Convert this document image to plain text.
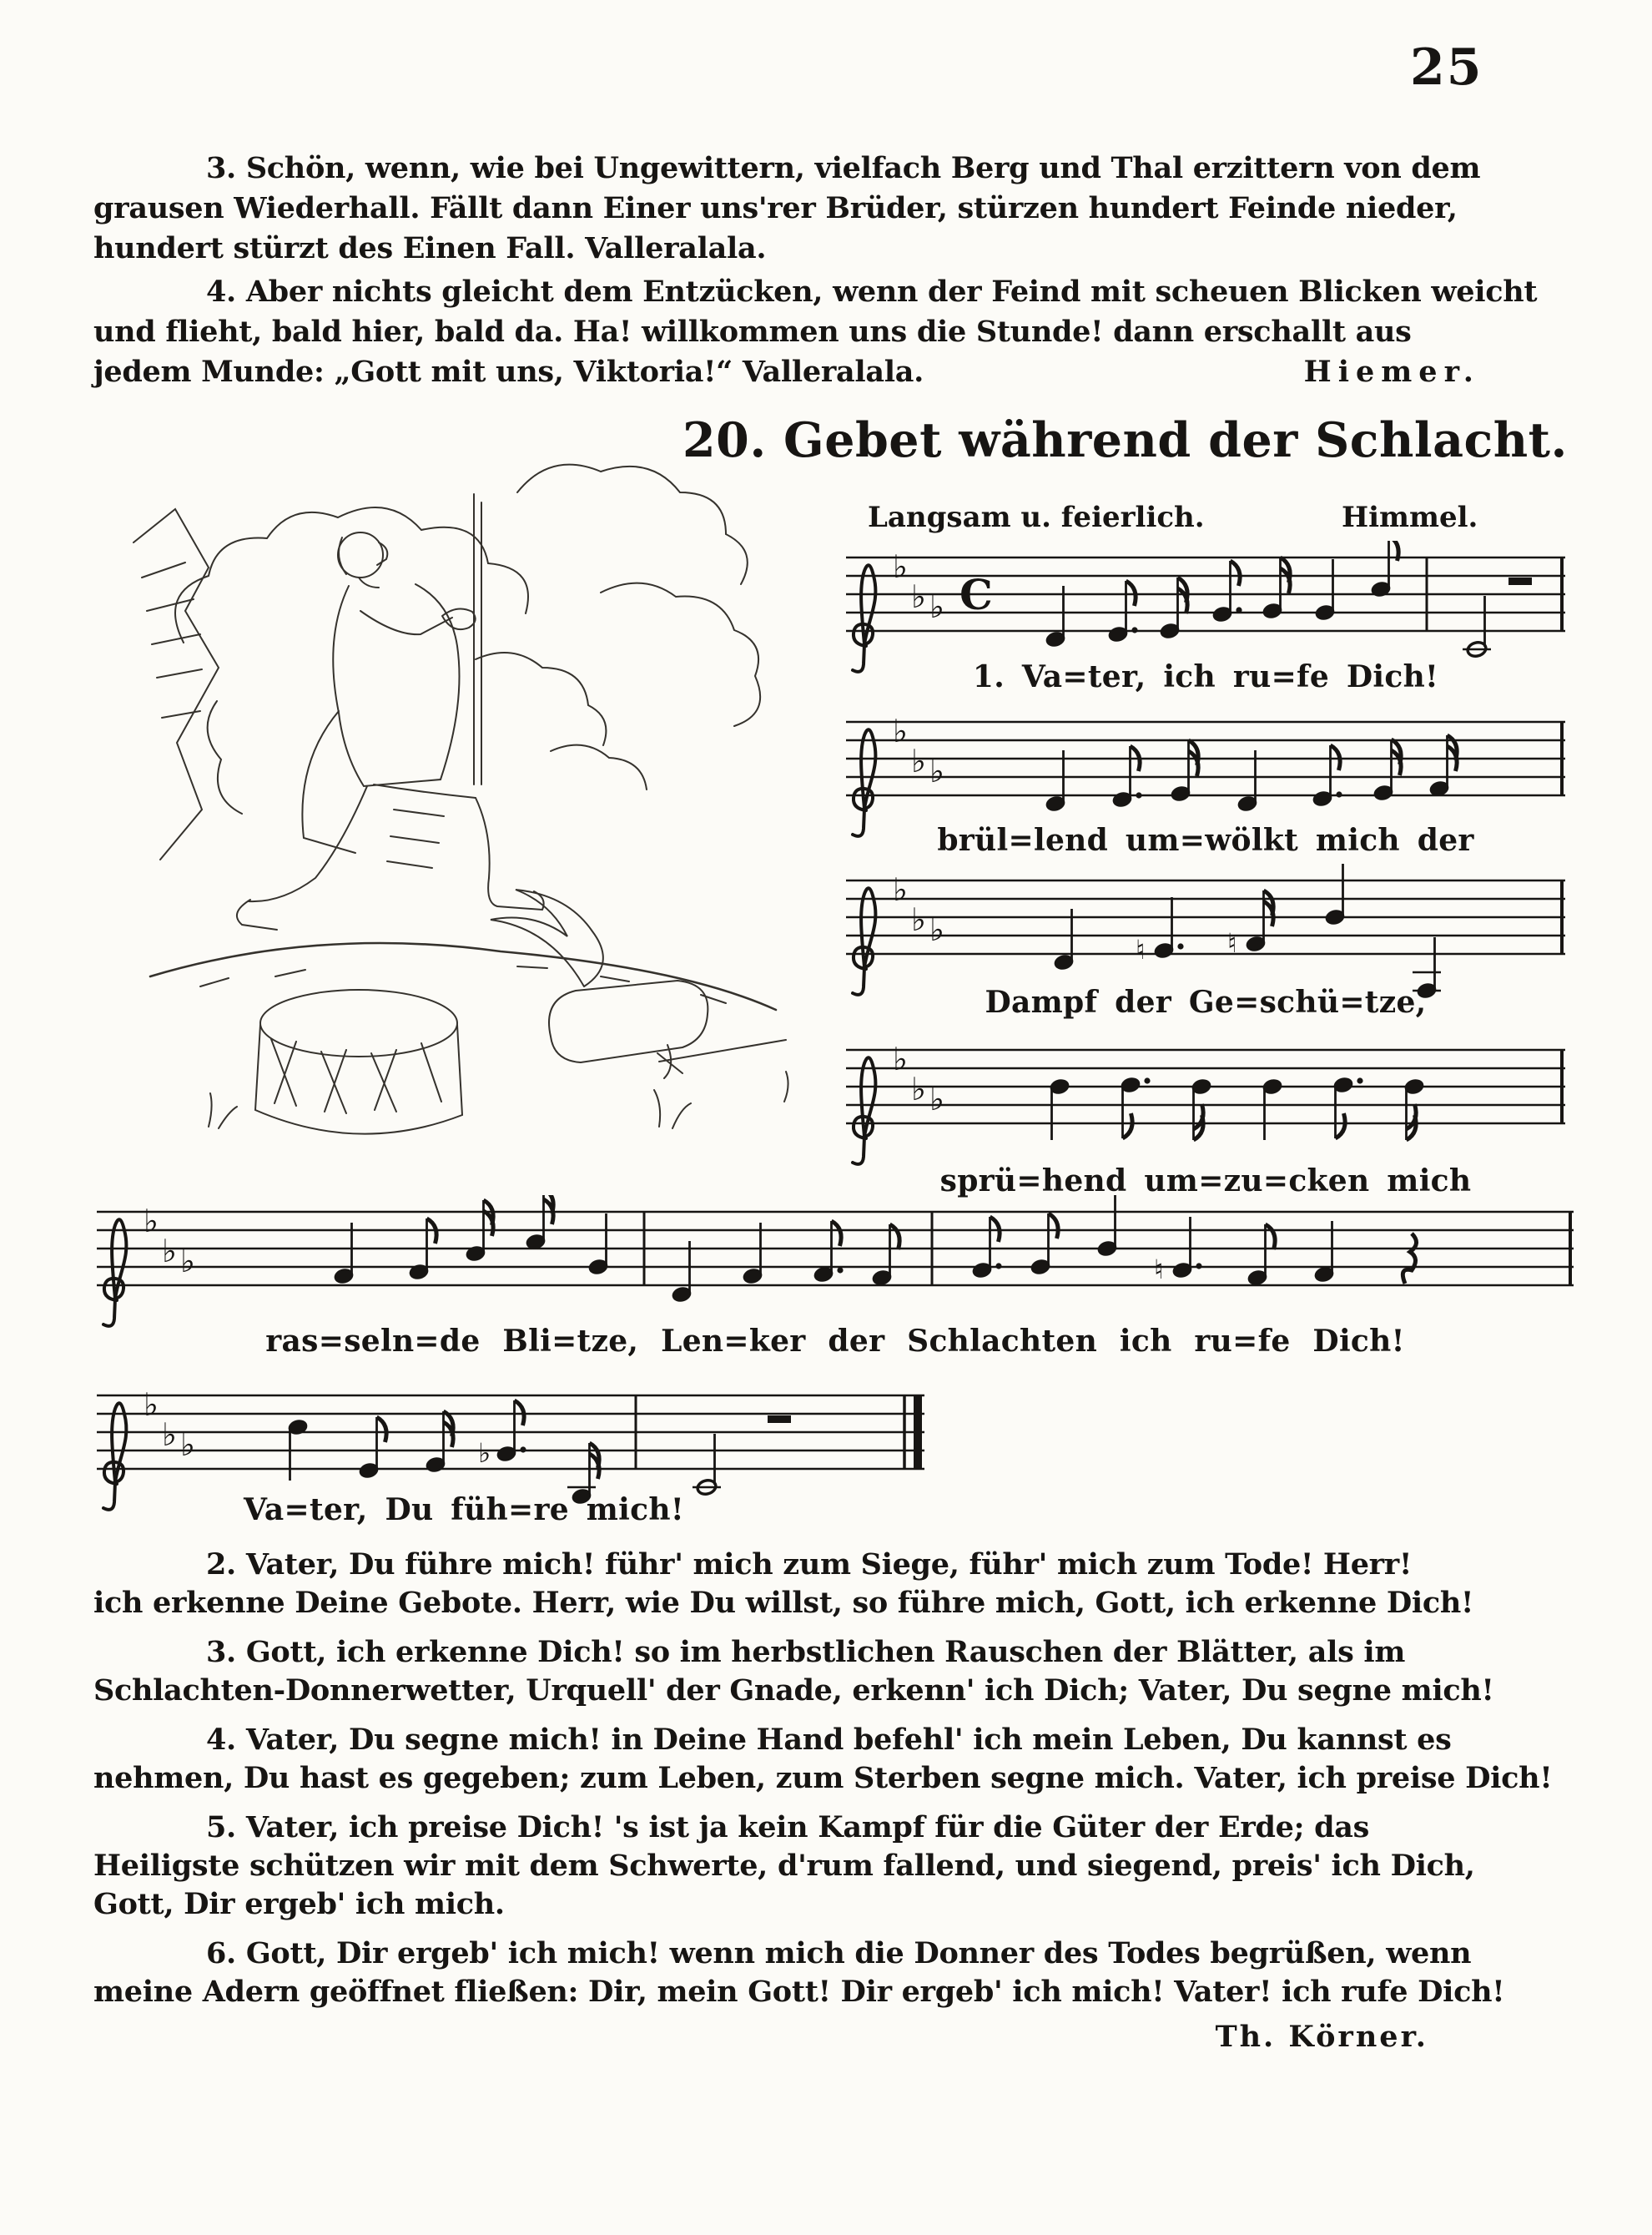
25
3. Schön, wenn, wie bei Ungewittern, vielfach Berg und Thal erzittern von dem
grausen Wiederhall. Fällt dann Einer uns'rer Brüder, stürzen hundert Feinde nieder,
hundert stürzt des Einen Fall. Valleralala.
4. Aber nichts gleicht dem Entzücken, wenn der Feind mit scheuen Blicken weicht
und flieht, bald hier, bald da. Ha! willkommen uns die Stunde! dann erschallt aus
jedem Munde: „Gott mit uns, Viktoria!“ Valleralala.	Hiemer.
20. Gebet während der Schlacht.
Langsam u. feierlich.	Himmel.
♭
♭ ♭ C
♭
♭ ♭
♭
♭ ♭
♮	♮
♭
♭ ♭
♭
♭ ♭	♮
♭
♭ ♭	♭
1. Va=ter, ich ru=fe Dich!
brül=lend um=wölkt mich der
Dampf der Ge=schü=tze,
sprü=hend um=zu=cken mich
ras=seln=de Bli=tze, Len=ker der Schlachten ich ru=fe Dich!
Va=ter, Du füh=re mich!
2. Vater, Du führe mich! führ' mich zum Siege, führ' mich zum Tode! Herr!
ich erkenne Deine Gebote. Herr, wie Du willst, so führe mich, Gott, ich erkenne Dich!
3. Gott, ich erkenne Dich! so im herbstlichen Rauschen der Blätter, als im
Schlachten-Donnerwetter, Urquell' der Gnade, erkenn' ich Dich; Vater, Du segne mich!
4. Vater, Du segne mich! in Deine Hand befehl' ich mein Leben, Du kannst es
nehmen, Du hast es gegeben; zum Leben, zum Sterben segne mich. Vater, ich preise Dich!
5. Vater, ich preise Dich! 's ist ja kein Kampf für die Güter der Erde; das
Heiligste schützen wir mit dem Schwerte, d'rum fallend, und siegend, preis' ich Dich,
Gott, Dir ergeb' ich mich.
6. Gott, Dir ergeb' ich mich! wenn mich die Donner des Todes begrüßen, wenn
meine Adern geöffnet fließen: Dir, mein Gott! Dir ergeb' ich mich! Vater! ich rufe Dich!
Th. Körner.
